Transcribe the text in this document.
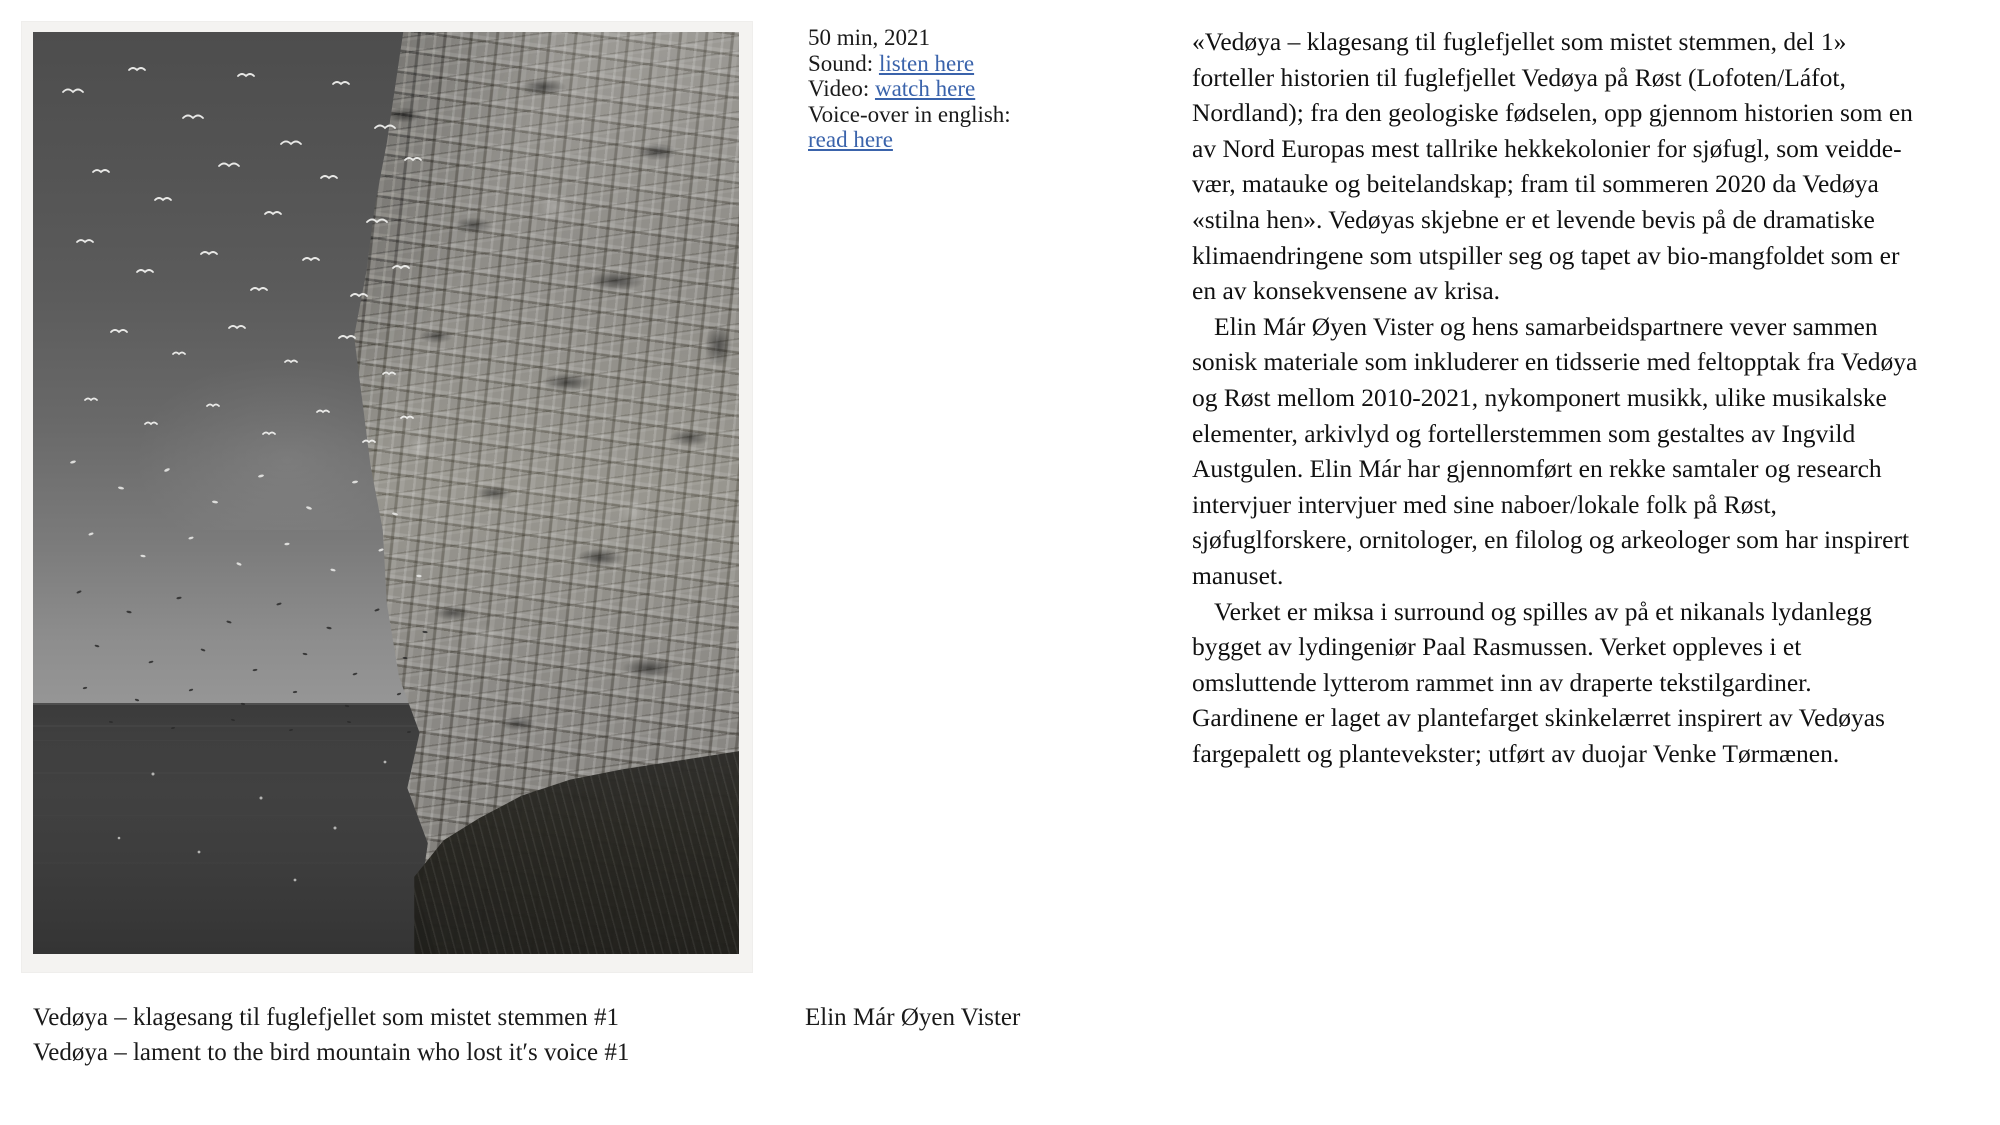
Vedøya – klagesang til fuglefjellet som mistet stemmen #1
Vedøya – lament to the bird mountain who lost it′s voice #1
Elin Már Øyen Vister
50 min, 2021
Sound: listen here
Video: watch here
Voice-over in english:
read here

«Vedøya – klagesang til fuglefjellet som mistet stemmen, del 1» forteller historien til fuglefjellet Vedøya på Røst (Lofoten/Láfot, Nordland); fra den geologiske fødselen, opp gjennom historien som en av Nord Europas mest tallrike hekkekolonier for sjøfugl, som veidde-vær, matauke og beitelandskap; fram til sommeren 2020 da Vedøya «stilna hen». Vedøyas skjebne er et levende bevis på de dramatiske klimaendringene som utspiller seg og tapet av bio-mangfoldet som er en av konsekvensene av krisa.

Elin Már Øyen Vister og hens samarbeidspartnere vever sammen sonisk materiale som inkluderer en tidsserie med feltopptak fra Vedøya og Røst mellom 2010-2021, nykomponert musikk, ulike musikalske elementer, arkivlyd og fortellerstemmen som gestaltes av Ingvild Austgulen. Elin Már har gjennomført en rekke samtaler og research intervjuer intervjuer med sine naboer/lokale folk på Røst, sjøfuglforskere, ornitologer, en filolog og arkeologer som har inspirert manuset.

Verket er miksa i surround og spilles av på et nikanals lydanlegg bygget av lydingeniør Paal Rasmussen. Verket oppleves i et omsluttende lytterom rammet inn av draperte tekstilgardiner. Gardinene er laget av plantefarget skinkelærret inspirert av Vedøyas fargepalett og plantevekster; utført av duojar Venke Tørmænen.
